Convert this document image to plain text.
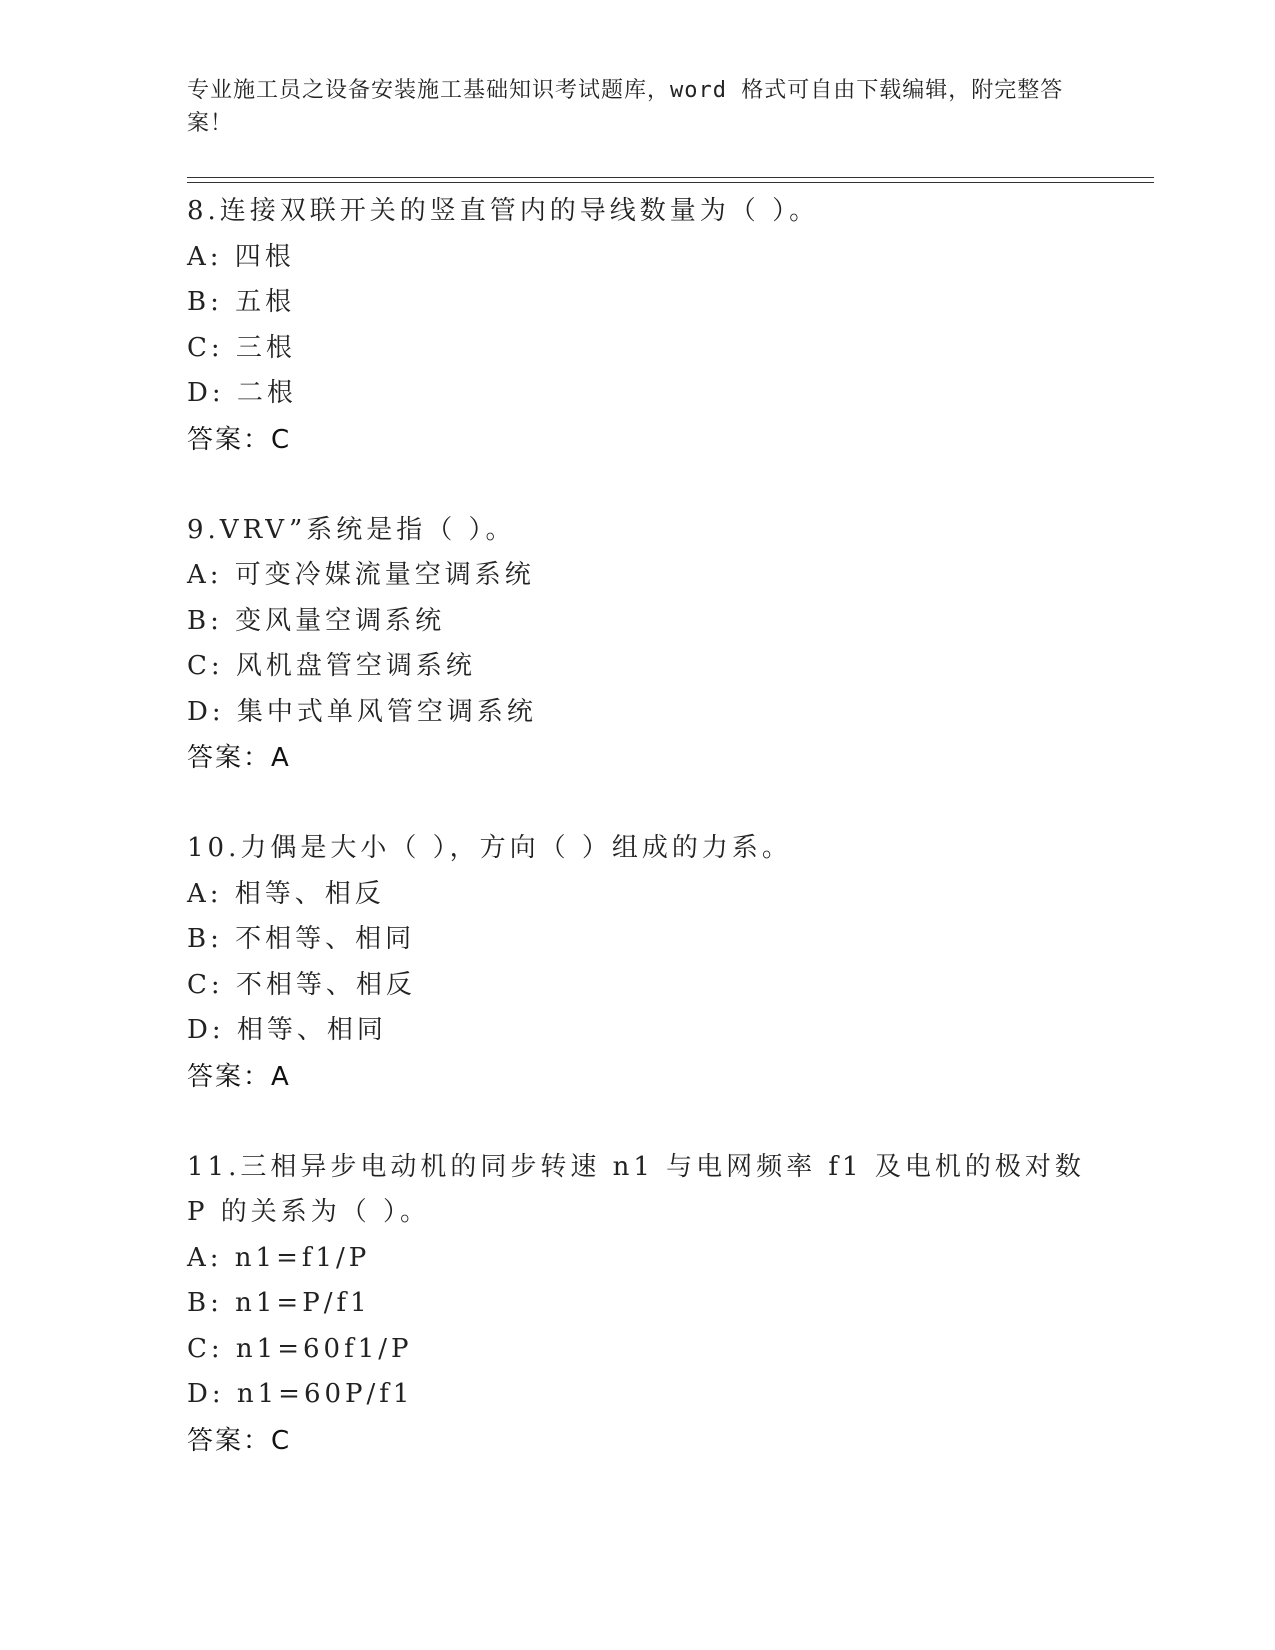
专业施工员之设备安装施工基础知识考试题库，word 格式可自由下载编辑，附完整答案！
8.连接双联开关的竖直管内的导线数量为（ ）。
A: 四根
B: 五根
C: 三根
D: 二根
答案：C
9.VRV”系统是指（ ）。
A: 可变冷媒流量空调系统
B: 变风量空调系统
C: 风机盘管空调系统
D: 集中式单风管空调系统
答案：A
10.力偶是大小（ ），方向（ ）组成的力系。
A: 相等、相反
B: 不相等、相同
C: 不相等、相反
D: 相等、相同
答案：A
11.三相异步电动机的同步转速 n1 与电网频率 f1 及电机的极对数 P 的关系为（ ）。
A: n1=f1/P
B: n1=P/f1
C: n1=60f1/P
D: n1=60P/f1
答案：C
